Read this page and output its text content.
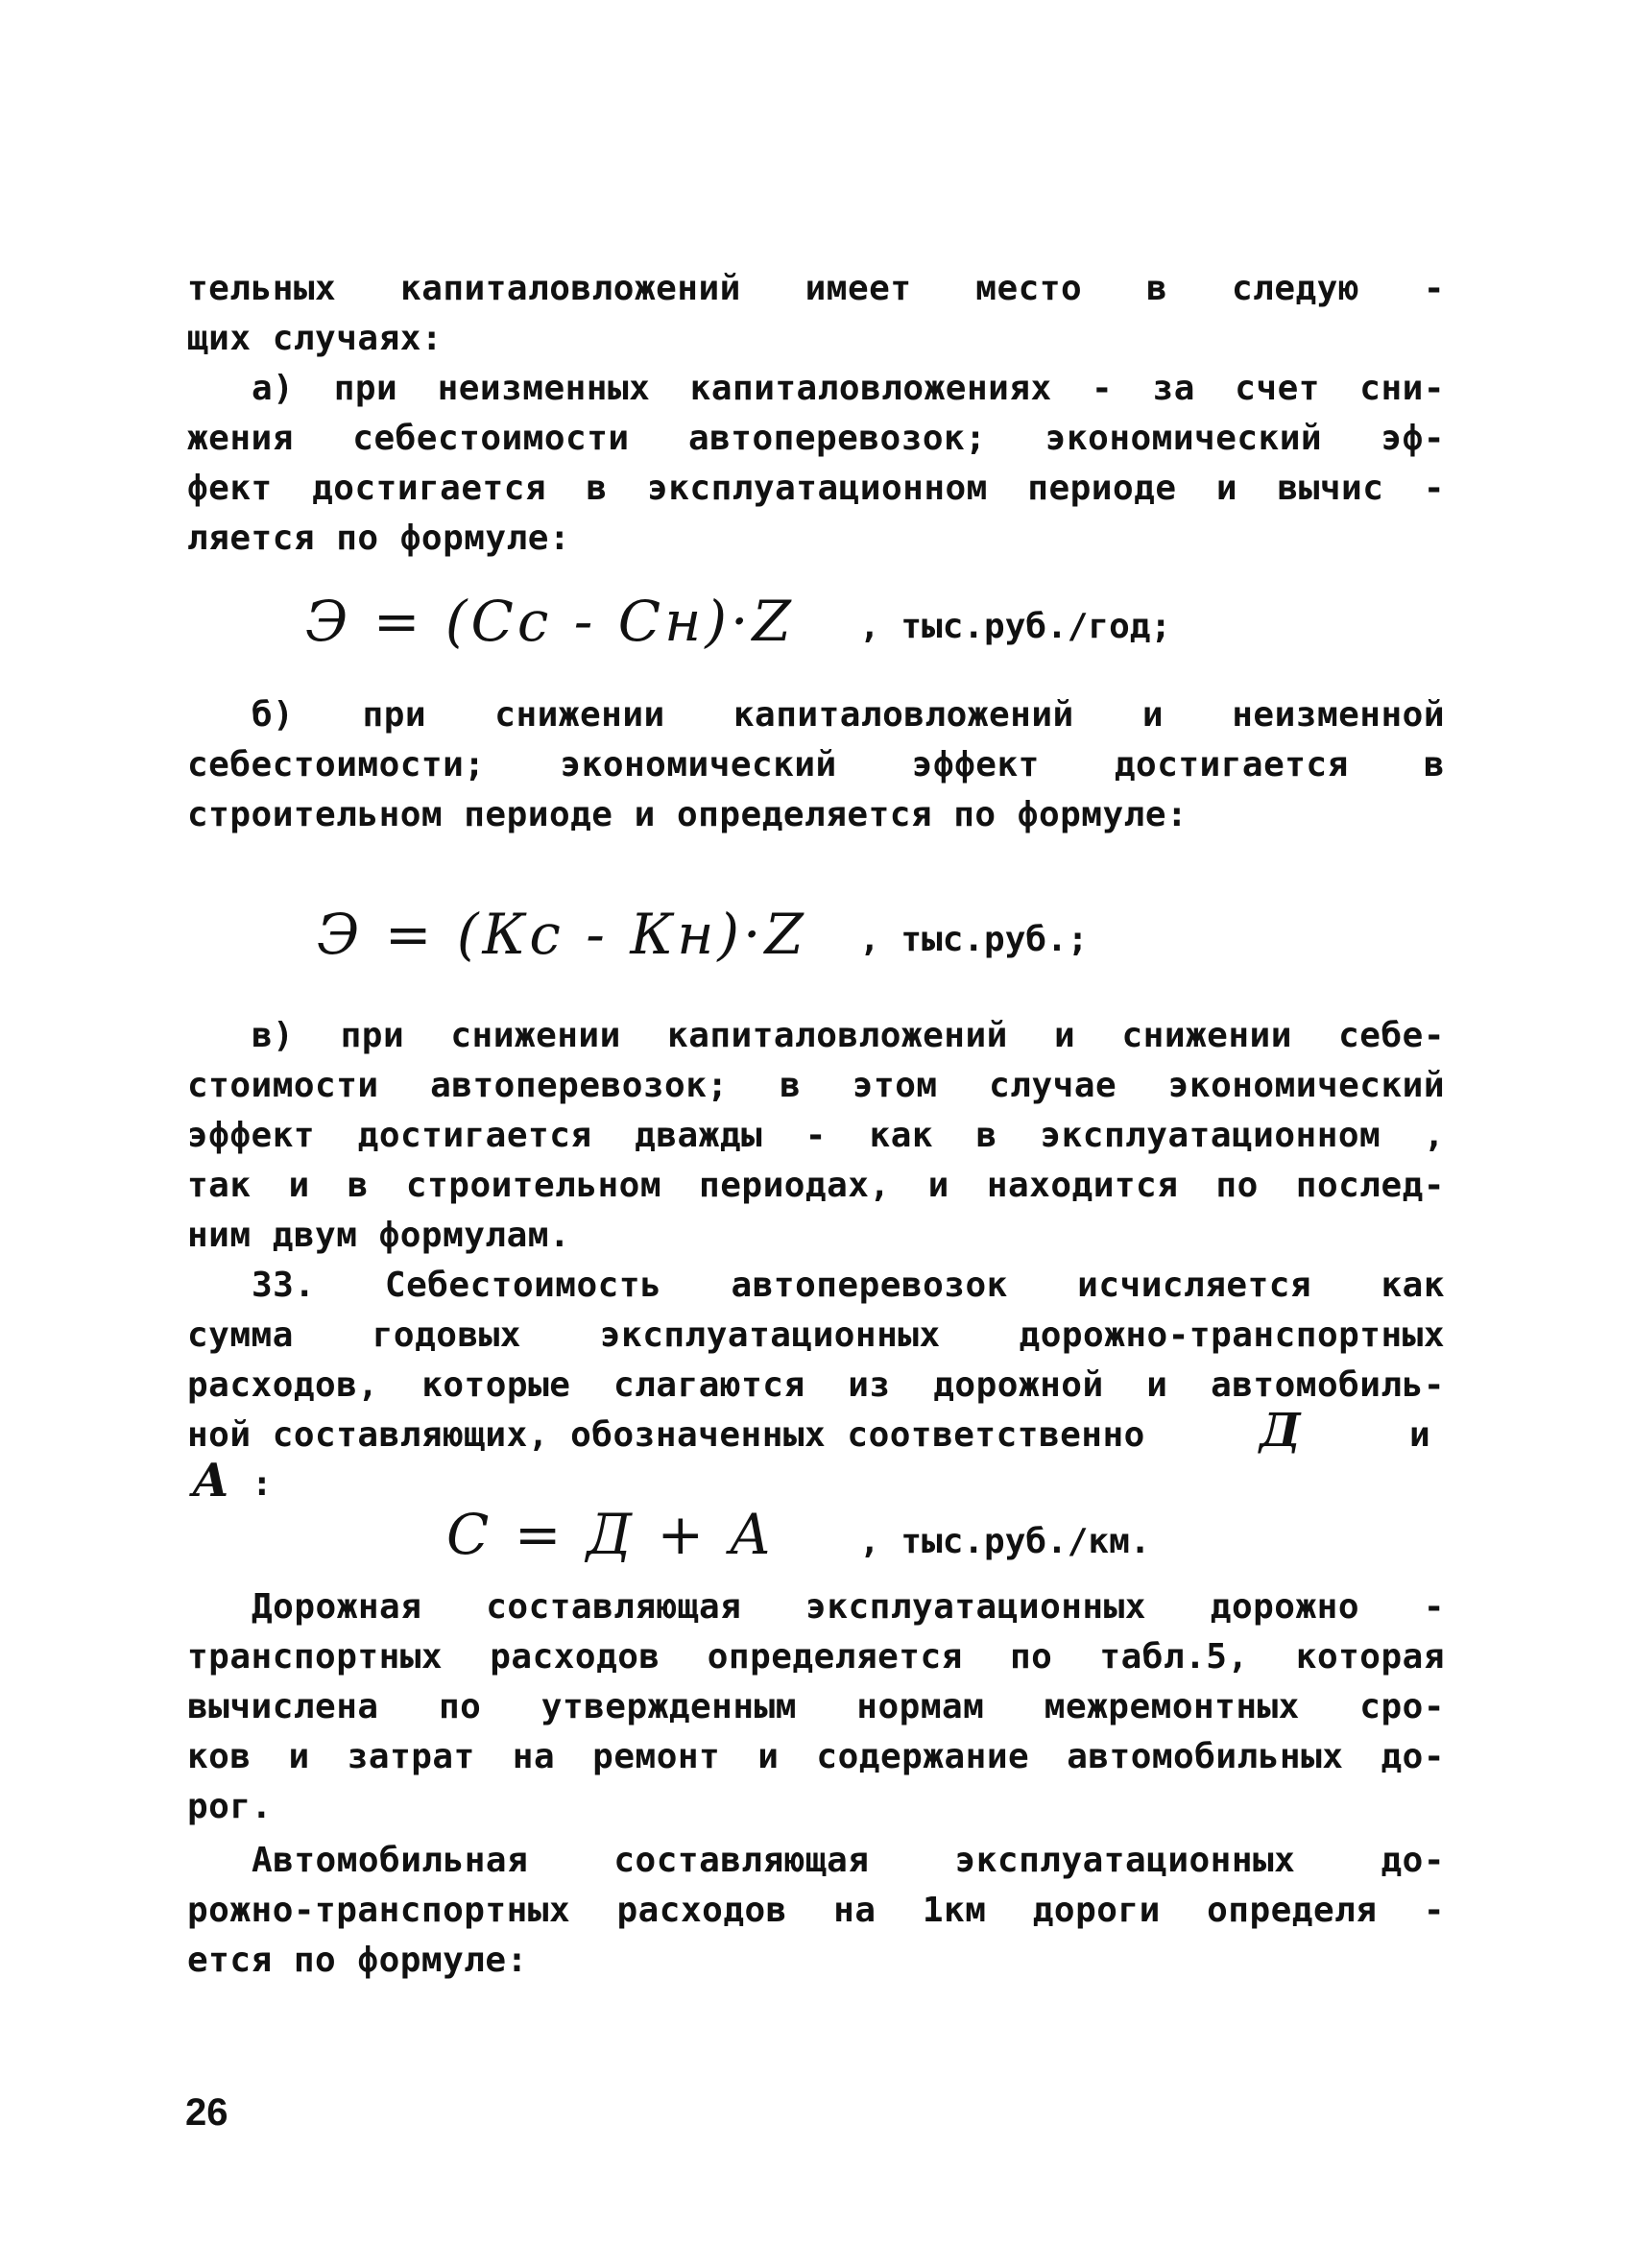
тельных капиталовложений имеет место в следую -
щих случаях:
а) при неизменных капиталовложениях - за счет сни-
жения себестоимости автоперевозок; экономический эф-
фект достигается в эксплуатационном периоде и вычис -
ляется по формуле:
Э = (Сс - Сн)·Z , тыс.руб./год;
б) при снижении капиталовложений и неизменной
себестоимости; экономический эффект достигается в
строительном периоде и определяется по формуле:
Э = (Кс - Кн)·Z , тыс.руб.;
в) при снижении капиталовложений и снижении себе-
стоимости автоперевозок; в этом случае экономический
эффект достигается дважды - как в эксплуатационном ,
так и в строительном периодах, и находится по послед-
ним двум формулам.
33. Себестоимость автоперевозок исчисляется как
сумма годовых эксплуатационных дорожно-транспортных
расходов, которые слагаются из дорожной и автомобиль-
ной составляющих, обозначенных соответственно	Д	и
А :
С = Д + А , тыс.руб./км.
Дорожная составляющая эксплуатационных дорожно -
транспортных расходов определяется по табл.5, которая
вычислена по утвержденным нормам межремонтных сро-
ков и затрат на ремонт и содержание автомобильных до-
рог.
Автомобильная составляющая эксплуатационных до-
рожно-транспортных расходов на 1км дороги определя -
ется по формуле:
26
